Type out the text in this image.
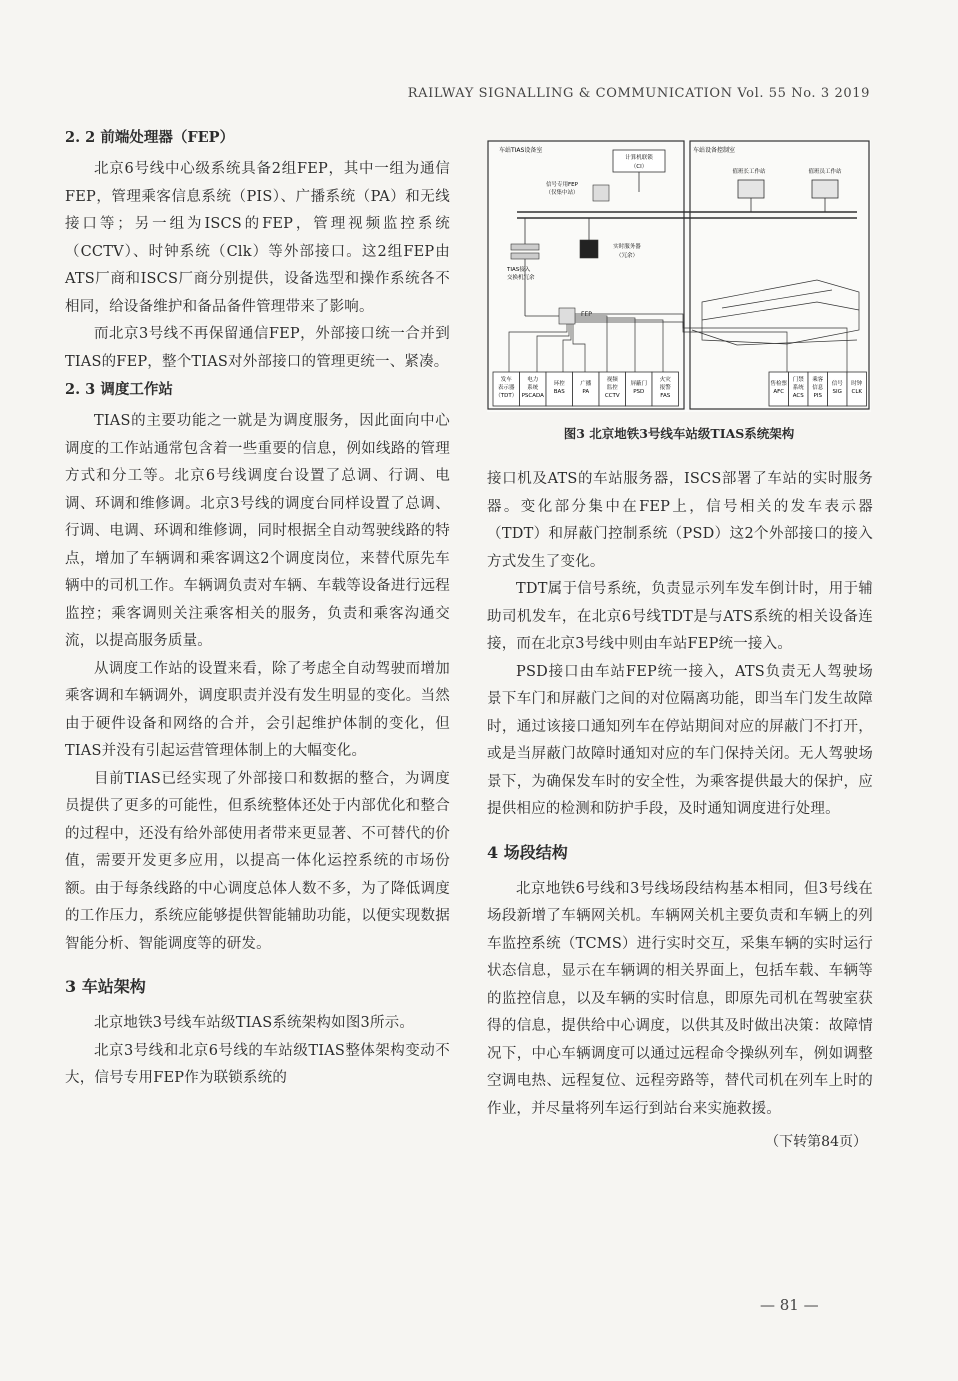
RAILWAY SIGNALLING & COMMUNICATION Vol. 55 No. 3 2019
2. 2 前端处理器（FEP）

北京6号线中心级系统具备2组FEP，其中一组为通信FEP，管理乘客信息系统（PIS）、广播系统（PA）和无线接口等；另一组为ISCS的FEP，管理视频监控系统（CCTV）、时钟系统（Clk）等外部接口。这2组FEP由ATS厂商和ISCS厂商分别提供，设备选型和操作系统各不相同，给设备维护和备品备件管理带来了影响。

而北京3号线不再保留通信FEP，外部接口统一合并到TIAS的FEP，整个TIAS对外部接口的管理更统一、紧凑。

2. 3 调度工作站

TIAS的主要功能之一就是为调度服务，因此面向中心调度的工作站通常包含着一些重要的信息，例如线路的管理方式和分工等。北京6号线调度台设置了总调、行调、电调、环调和维修调。北京3号线的调度台同样设置了总调、行调、电调、环调和维修调，同时根据全自动驾驶线路的特点，增加了车辆调和乘客调这2个调度岗位，来替代原先车辆中的司机工作。车辆调负责对车辆、车载等设备进行远程监控；乘客调则关注乘客相关的服务，负责和乘客沟通交流，以提高服务质量。

从调度工作站的设置来看，除了考虑全自动驾驶而增加乘客调和车辆调外，调度职责并没有发生明显的变化。当然由于硬件设备和网络的合并，会引起维护体制的变化，但TIAS并没有引起运营管理体制上的大幅变化。

目前TIAS已经实现了外部接口和数据的整合，为调度员提供了更多的可能性，但系统整体还处于内部优化和整合的过程中，还没有给外部使用者带来更显著、不可替代的价值，需要开发更多应用，以提高一体化运控系统的市场份额。由于每条线路的中心调度总体人数不多，为了降低调度的工作压力，系统应能够提供智能辅助功能，以便实现数据智能分析、智能调度等的研发。

3 车站架构

北京地铁3号线车站级TIAS系统架构如图3所示。

北京3号线和北京6号线的车站级TIAS整体架构变动不大，信号专用FEP作为联锁系统的

车站TIAS设备室	车站设备控制室
计算机联锁
（CI）
信号专用FEP
（仅集中站）
值班长工作站	值班员工作站
实时服务器
（冗余）
TIAS接入
交换机冗余
FEP
发车
表示器
（TDT）
电力
系统
PSCADA
环控
BAS
广播
PA
视频
监控
CCTV
屏蔽门
PSD
火灾
报警
FAS
售检票
AFC
门禁
系统
ACS
乘客
信息
PIS
信号
SIG
时钟
CLK
图3 北京地铁3号线车站级TIAS系统架构

接口机及ATS的车站服务器，ISCS部署了车站的实时服务器。变化部分集中在FEP上，信号相关的发车表示器（TDT）和屏蔽门控制系统（PSD）这2个外部接口的接入方式发生了变化。

TDT属于信号系统，负责显示列车发车倒计时，用于辅助司机发车，在北京6号线TDT是与ATS系统的相关设备连接，而在北京3号线中则由车站FEP统一接入。

PSD接口由车站FEP统一接入，ATS负责无人驾驶场景下车门和屏蔽门之间的对位隔离功能，即当车门发生故障时，通过该接口通知列车在停站期间对应的屏蔽门不打开，或是当屏蔽门故障时通知对应的车门保持关闭。无人驾驶场景下，为确保发车时的安全性，为乘客提供最大的保护，应提供相应的检测和防护手段，及时通知调度进行处理。

4 场段结构

北京地铁6号线和3号线场段结构基本相同，但3号线在场段新增了车辆网关机。车辆网关机主要负责和车辆上的列车监控系统（TCMS）进行实时交互，采集车辆的实时运行状态信息，显示在车辆调的相关界面上，包括车载、车辆等的监控信息，以及车辆的实时信息，即原先司机在驾驶室获得的信息，提供给中心调度，以供其及时做出决策：故障情况下，中心车辆调度可以通过远程命令操纵列车，例如调整空调电热、远程复位、远程旁路等，替代司机在列车上时的作业，并尽量将列车运行到站台来实施救援。

（下转第84页）
— 81 —
